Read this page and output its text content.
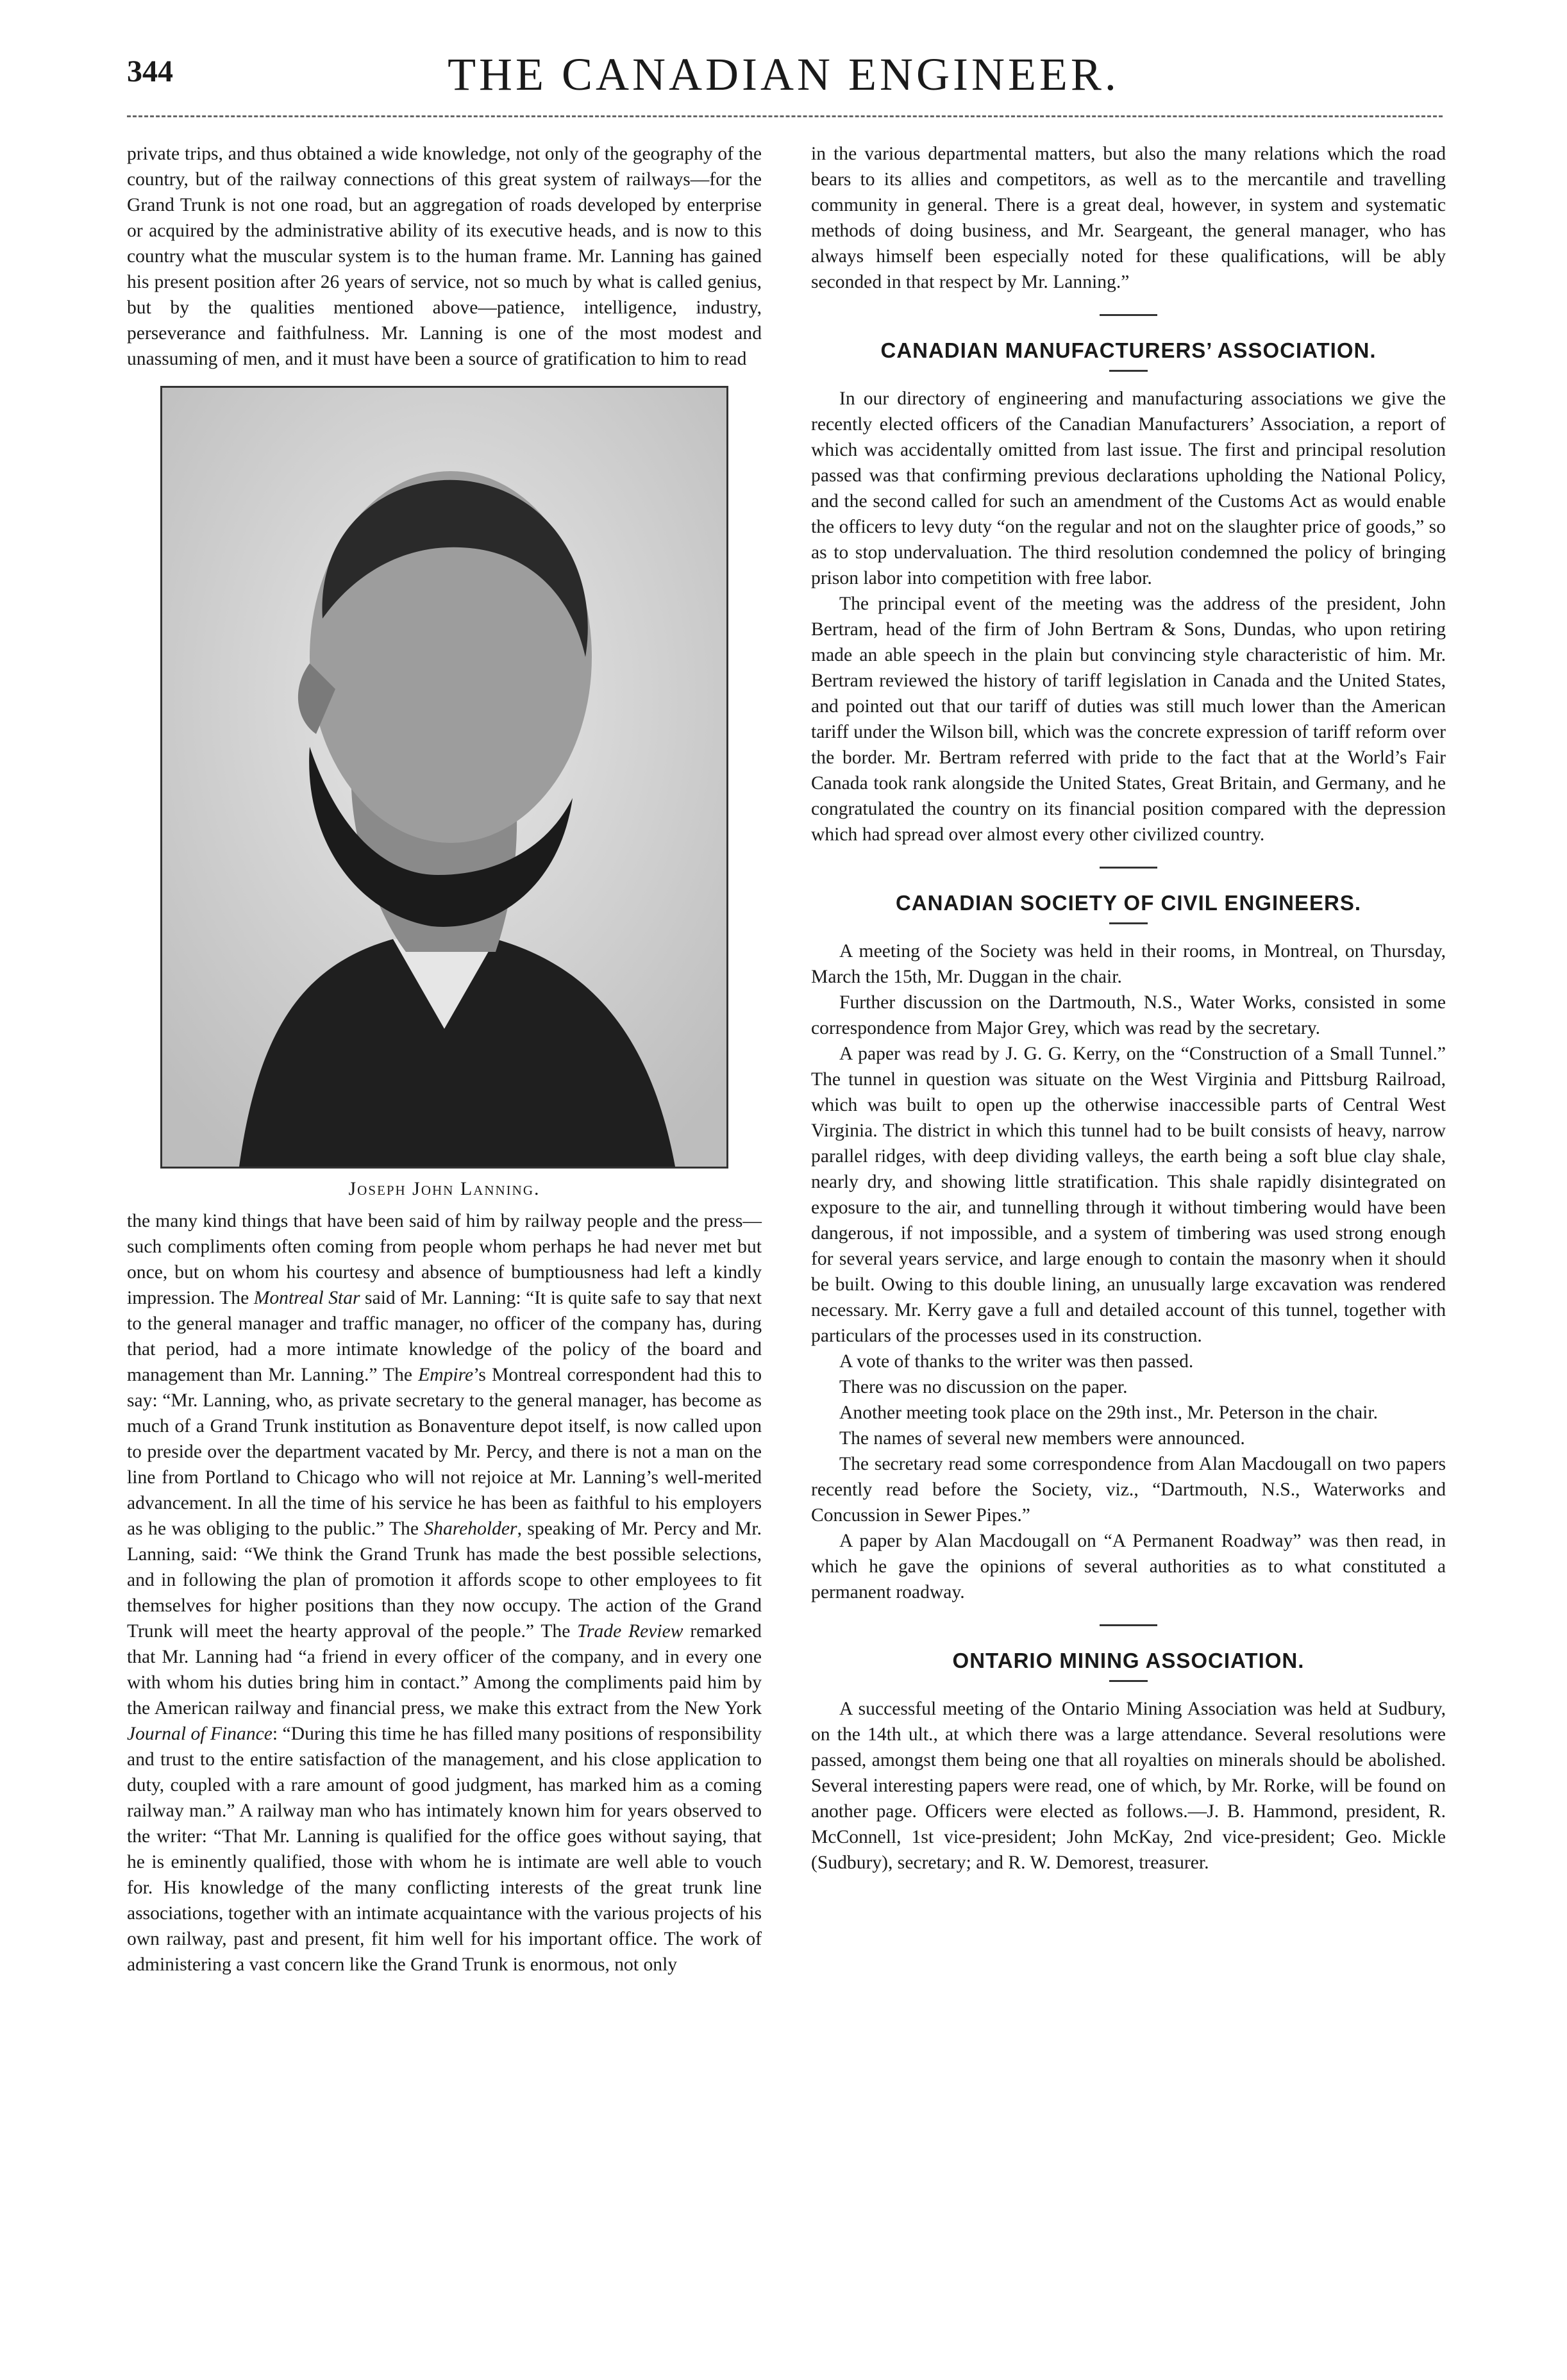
344	THE CANADIAN ENGINEER.

private trips, and thus obtained a wide knowledge, not only of the geography of the country, but of the railway connections of this great system of railways—for the Grand Trunk is not one road, but an aggregation of roads developed by enterprise or acquired by the administrative ability of its executive heads, and is now to this country what the muscular system is to the human frame. Mr. Lanning has gained his present position after 26 years of service, not so much by what is called genius, but by the qualities mentioned above—patience, intelligence, industry, perseverance and faithfulness. Mr. Lanning is one of the most modest and unassuming of men, and it must have been a source of gratification to him to read

Joseph John Lanning.

the many kind things that have been said of him by railway people and the press—such compliments often coming from people whom perhaps he had never met but once, but on whom his courtesy and absence of bumptiousness had left a kindly impression. The Montreal Star said of Mr. Lanning: “It is quite safe to say that next to the general manager and traffic manager, no officer of the company has, during that period, had a more intimate knowledge of the policy of the board and management than Mr. Lanning.” The Empire’s Montreal correspondent had this to say: “Mr. Lanning, who, as private secretary to the general manager, has become as much of a Grand Trunk institution as Bonaventure depot itself, is now called upon to preside over the department vacated by Mr. Percy, and there is not a man on the line from Portland to Chicago who will not rejoice at Mr. Lanning’s well-merited advancement. In all the time of his service he has been as faithful to his employers as he was obliging to the public.” The Shareholder, speaking of Mr. Percy and Mr. Lanning, said: “We think the Grand Trunk has made the best possible selections, and in following the plan of promotion it affords scope to other employees to fit themselves for higher positions than they now occupy. The action of the Grand Trunk will meet the hearty approval of the people.” The Trade Review remarked that Mr. Lanning had “a friend in every officer of the company, and in every one with whom his duties bring him in contact.” Among the compliments paid him by the American railway and financial press, we make this extract from the New York Journal of Finance: “During this time he has filled many positions of responsibility and trust to the entire satisfaction of the management, and his close application to duty, coupled with a rare amount of good judgment, has marked him as a coming railway man.” A railway man who has intimately known him for years observed to the writer: “That Mr. Lanning is qualified for the office goes without saying, that he is eminently qualified, those with whom he is intimate are well able to vouch for. His knowledge of the many conflicting interests of the great trunk line associations, together with an intimate acquaintance with the various projects of his own railway, past and present, fit him well for his important office. The work of administering a vast concern like the Grand Trunk is enormous, not only

in the various departmental matters, but also the many relations which the road bears to its allies and competitors, as well as to the mercantile and travelling community in general. There is a great deal, however, in system and systematic methods of doing business, and Mr. Seargeant, the general manager, who has always himself been especially noted for these qualifications, will be ably seconded in that respect by Mr. Lanning.”

CANADIAN MANUFACTURERS’ ASSOCIATION.

In our directory of engineering and manufacturing associations we give the recently elected officers of the Canadian Manufacturers’ Association, a report of which was accidentally omitted from last issue. The first and principal resolution passed was that confirming previous declarations upholding the National Policy, and the second called for such an amendment of the Customs Act as would enable the officers to levy duty “on the regular and not on the slaughter price of goods,” so as to stop undervaluation. The third resolution condemned the policy of bringing prison labor into competition with free labor.

The principal event of the meeting was the address of the president, John Bertram, head of the firm of John Bertram & Sons, Dundas, who upon retiring made an able speech in the plain but convincing style characteristic of him. Mr. Bertram reviewed the history of tariff legislation in Canada and the United States, and pointed out that our tariff of duties was still much lower than the American tariff under the Wilson bill, which was the concrete expression of tariff reform over the border. Mr. Bertram referred with pride to the fact that at the World’s Fair Canada took rank alongside the United States, Great Britain, and Germany, and he congratulated the country on its financial position compared with the depression which had spread over almost every other civilized country.

CANADIAN SOCIETY OF CIVIL ENGINEERS.

A meeting of the Society was held in their rooms, in Montreal, on Thursday, March the 15th, Mr. Duggan in the chair.

Further discussion on the Dartmouth, N.S., Water Works, consisted in some correspondence from Major Grey, which was read by the secretary.

A paper was read by J. G. G. Kerry, on the “Construction of a Small Tunnel.” The tunnel in question was situate on the West Virginia and Pittsburg Railroad, which was built to open up the otherwise inaccessible parts of Central West Virginia. The district in which this tunnel had to be built consists of heavy, narrow parallel ridges, with deep dividing valleys, the earth being a soft blue clay shale, nearly dry, and showing little stratification. This shale rapidly disintegrated on exposure to the air, and tunnelling through it without timbering would have been dangerous, if not impossible, and a system of timbering was used strong enough for several years service, and large enough to contain the masonry when it should be built. Owing to this double lining, an unusually large excavation was rendered necessary. Mr. Kerry gave a full and detailed account of this tunnel, together with particulars of the processes used in its construction.

A vote of thanks to the writer was then passed.

There was no discussion on the paper.

Another meeting took place on the 29th inst., Mr. Peterson in the chair.

The names of several new members were announced.

The secretary read some correspondence from Alan Macdougall on two papers recently read before the Society, viz., “Dartmouth, N.S., Waterworks and Concussion in Sewer Pipes.”

A paper by Alan Macdougall on “A Permanent Roadway” was then read, in which he gave the opinions of several authorities as to what constituted a permanent roadway.

ONTARIO MINING ASSOCIATION.

A successful meeting of the Ontario Mining Association was held at Sudbury, on the 14th ult., at which there was a large attendance. Several resolutions were passed, amongst them being one that all royalties on minerals should be abolished. Several interesting papers were read, one of which, by Mr. Rorke, will be found on another page. Officers were elected as follows.—J. B. Hammond, president, R. McConnell, 1st vice-president; John McKay, 2nd vice-president; Geo. Mickle (Sudbury), secretary; and R. W. Demorest, treasurer.
